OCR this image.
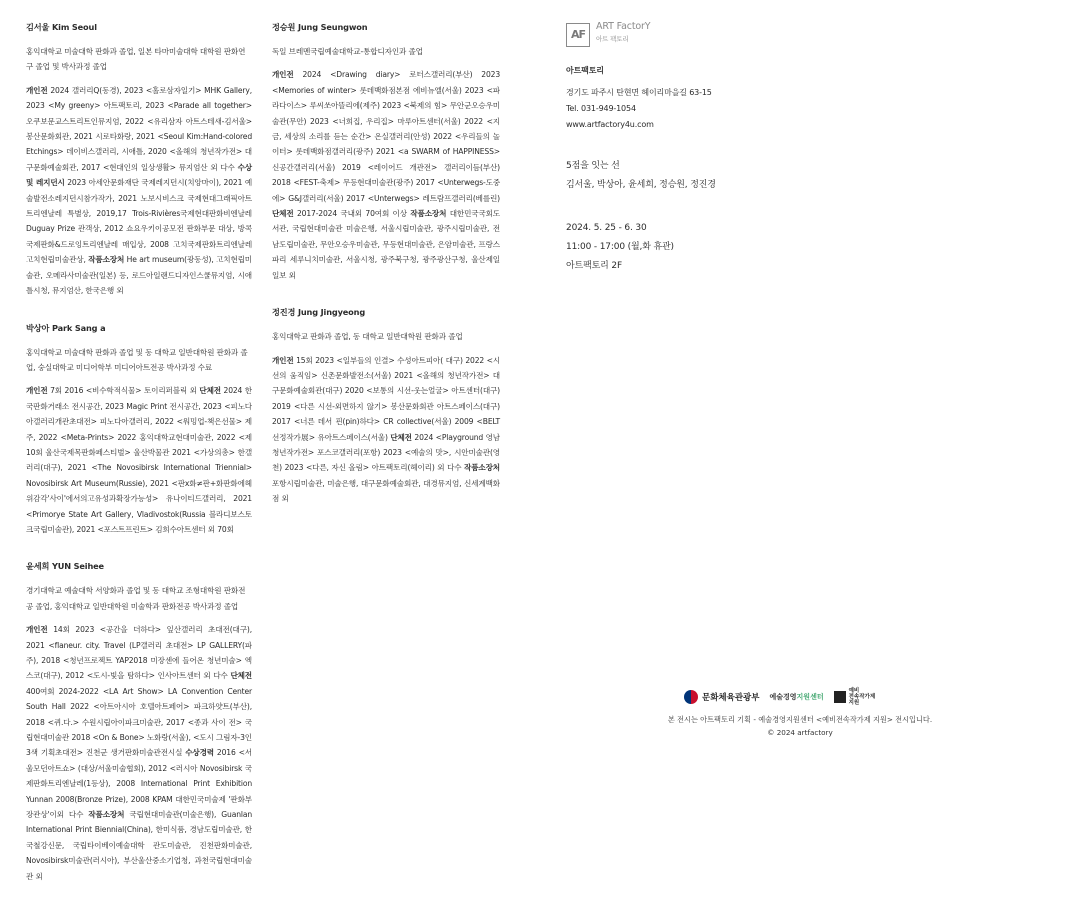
김서울 Kim Seoul

홍익대학교 미술대학 판화과 졸업, 일본 타마미술대학 대학원 판화연구 졸업 및 박사과정 졸업

개인전 2024 갤러리Q(동경), 2023 <홀로삼자일기> MHK Gallery, 2023 <My greeny> 아트팩토리, 2023 <Parade all together> 오쿠보문교스트리트인뮤지엄, 2022 <유리삼자 아트스테새-김서울> 봉산문화회관, 2021 시로타화랑, 2021 <Seoul Kim:Hand-colored Etchings> 데이비스갤러리, 시애틀, 2020 <올해의 청년작가전> 대구문화예술회관, 2017 <현대인의 일상생활> 뮤지엄산 외 다수 수상 및 레지던시 2023 아세안문화재단 국제레지던시(치앙마이), 2021 예술발전소레지던시참가작가, 2021 노보시비스크 국제현대그래픽아트트리엔날레 특별상, 2019,17 Trois-Rivières국제현대판화비엔날레 Duguay Prize 관객상, 2012 쇼요우키이공모전 판화부문 대상, 방콕국제판화&드로잉트리엔날레 매입상, 2008 고치국제판화트리엔날레 고치현립미술관상, 작품소장처 He art museum(광동성), 고치현립미술관, 오메라사미술관(일본) 등, 로드아일랜드디자인스쿨뮤지엄, 시애틀시청, 뮤지엄산, 한국은행 외

박상아 Park Sang a

홍익대학교 미술대학 판화과 졸업 및 동 대학교 일반대학원 판화과 졸업, 숭실대학교 미디어학부 미디어아트전공 박사과정 수료

개인전 7회 2016 <비수학적식물> 토이리퍼블릭 외 단체전 2024 한국판화거래소 전시공간, 2023 Magic Print 전시공간, 2023 <피노다아갤러리개관초대전> 피노다아갤러리, 2022 <워밍업-책은선물> 제주, 2022 <Meta-Prints> 2022 홍익대학교현대미술관, 2022 <제10회 울산국제목판화페스티벌> 울산박물관 2021 <가상의총> 한갤러리(대구), 2021 <The Novosibirsk International Triennial> Novosibirsk Art Museum(Russie), 2021 <판x화≠판+화판화에헤위감각'사이'에서의고유성과확장가능성> 유나이티드갤러리, 2021 <Primorye State Art Gallery, Vladivostok(Russia 블라디보스토크국립미술관), 2021 <포스트프린트> 김희수아트센터 외 70회

윤세희 YUN Seihee

경기대학교 예술대학 서양화과 졸업 및 동 대학교 조형대학원 판화전공 졸업, 홍익대학교 일반대학원 미술학과 판화전공 박사과정 졸업

개인전 14회 2023 <공간을 더하다> 잎산갤러리 초대전(대구), 2021 <flaneur. city. Travel (LP갤러리 초대전> LP GALLERY(파주), 2018 <청년프로젝트 YAP2018 미장센에 들어온 청년미술> 엑스코(대구), 2012 <도시-빛을 탐하다> 인사아트센터 외 다수 단체전 400여회 2024-2022 <LA Art Show> LA Convention Center South Hall 2022 <아트아시아 호텔아트페어> 파크하얏트(부산), 2018 <퀴.다.> 수원시립아이파크미술관, 2017 <종과 사이 전> 국립현대미술관 2018 <On & Bone> 노화랑(서울), <도시 그림자-3인3색 기획초대전> 진천군 생거판화미술관전시실 수상경력 2016 <서울모던아트쇼> (대상/서울미술협회), 2012 <러시아 Novosibirsk 국제판화트리엔날레(1등상), 2008 International Print Exhibition Yunnan 2008(Bronze Prize), 2008 KPAM 대한민국미술제 '판화부 장관상'이외 다수 작품소장처 국립현대미술관(미술은행), Guanlan International Print Biennial(China), 한미식품, 경남도립미술관, 한국철강신문, 국립타이베이예술대학 관도미술관, 진천판화미술관, Novosibirsk미술관(러시아), 부산울산중소기업청, 과천국립현대미술관 외

정승원 Jung Seungwon

독일 브레멘국립예술대학교-통합디자인과 졸업

개인전 2024 <Drawing diary> 로터스갤러리(부산) 2023 <Memories of winter> 롯데백화점본점 에비뉴엘(서울) 2023 <파라다이스> 루씨쏘아뜰리에(제주) 2023 <북제의 힘> 무안군오승우미술관(무안) 2023 <너희집, 우리집> 마루아트센터(서울) 2022 <지금, 세상의 소리를 듣는 순간> 온실갤러리(안성) 2022 <우리들의 놀이터> 롯데백화점갤러리(광주) 2021 <a SWARM of HAPPINESS> 신공간갤러리(서울) 2019 <레이어드 개관전> 갤러리이듬(부산) 2018 <FEST-축제> 무등현대미술관(광주) 2017 <Unterwegs-도중에> G&J갤러리(서울) 2017 <Unterwegs> 레트람프갤러리(베를린) 단체전 2017-2024 국내외 70여회 이상 작품소장처 대한민국국회도서관, 국립현대미술관 미술은행, 서울시립미술관, 광주시립미술관, 전남도립미술관, 무안오승우미술관, 무등현대미술관, 은암미술관, 프랑스 파리 세루니치미술관, 서울시청, 광주북구청, 광주광산구청, 울산제일일보 외

정진경 Jung Jingyeong

홍익대학교 판화과 졸업, 동 대학교 일반대학원 판화과 졸업

개인전 15회 2023 <일부들의 인결> 수성아트피아( 대구) 2022 <시선의 움직임> 신촌문화발전소(서울) 2021 <올해의 청년작가전> 대구문화예술회관(대구) 2020 <보통의 시선-웃는얼굴> 아트센터(대구) 2019 <다른 시선-외면하지 않기> 봉산문화회관 아트스페이스(대구) 2017 <너른 데서 핀(pin)하다> CR collective(서울) 2009 <BELT선정작가展> 유아트스페이스(서울) 단체전 2024 <Playground 영남청년작가전> 포스코갤러리(포항) 2023 <예술의 맛>, 시안미술관(영천) 2023 <다른, 자신 올림> 아트팩토리(헤이리) 외 다수 작품소장처 포항시립미술관, 미술은행, 대구문화예술회관, 대경뮤지엄, 신세계백화점 외

AF
ART FactorY
아트 팩토리

아트팩토리

경기도 파주시 탄현면 헤이리마을길 63-15

Tel. 031-949-1054

www.artfactory4u.com

5점을 잇는 선

김서울, 박상아, 윤세희, 정승원, 정진경

2024. 5. 25 - 6. 30

11:00 - 17:00 (월,화 휴관)

아트팩토리 2F

문화체육관광부 예술경영지원센터
예비
전속작가제
지원
본 전시는 아트팩토리 기획 - 예술경영지원센터 <예비전속작가제 지원> 전시입니다.
© 2024 artfactory
